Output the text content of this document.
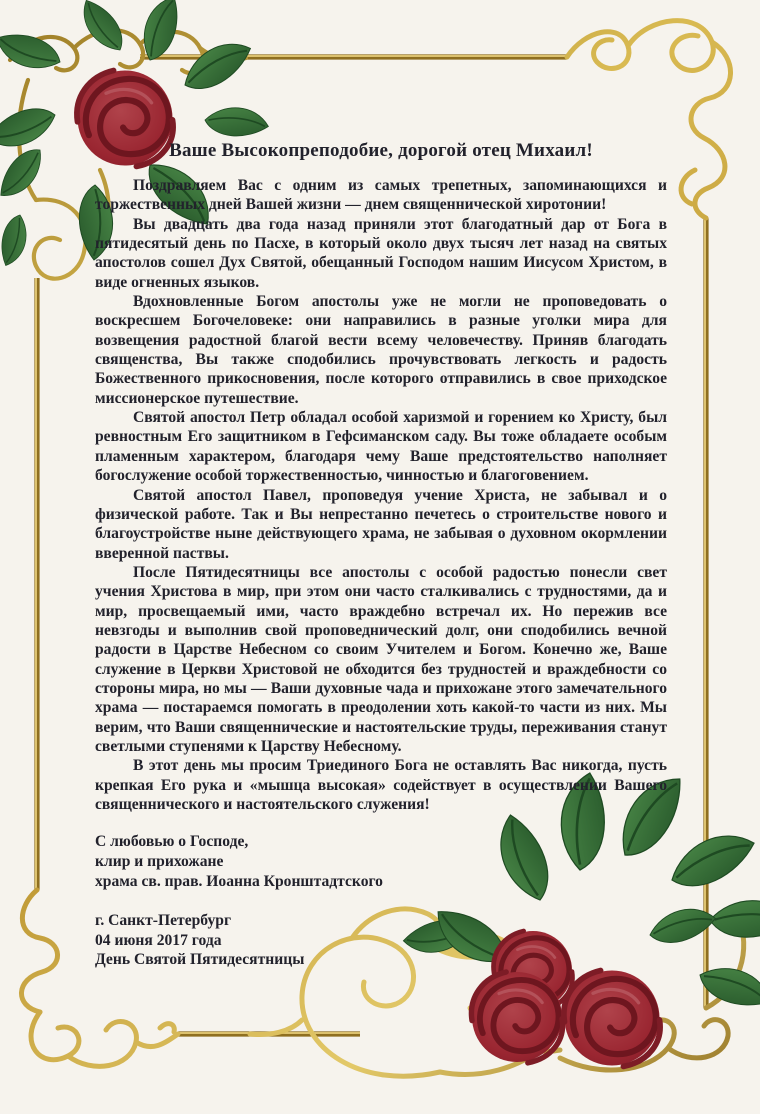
Ваше Высокопреподобие, дорогой отец Михаил!

Поздравляем Вас с одним из самых трепетных, запоминающихся и торжественных дней Вашей жизни — днем священнической хиротонии!

Вы двадцать два года назад приняли этот благодатный дар от Бога в пятидесятый день по Пасхе, в который около двух тысяч лет назад на святых апостолов сошел Дух Святой, обещанный Господом нашим Иисусом Христом, в виде огненных языков.

Вдохновленные Богом апостолы уже не могли не проповедовать о воскресшем Богочеловеке: они направились в разные уголки мира для возвещения радостной благой вести всему человечеству. Приняв благодать священства, Вы также сподобились прочувствовать легкость и радость Божественного прикосновения, после которого отправились в свое приходское миссионерское путешествие.

Святой апостол Петр обладал особой харизмой и горением ко Христу, был ревностным Его защитником в Гефсиманском саду. Вы тоже обладаете особым пламенным характером, благодаря чему Ваше предстоятельство наполняет богослужение особой торжественностью, чинностью и благоговением.

Святой апостол Павел, проповедуя учение Христа, не забывал и о физической работе. Так и Вы непрестанно печетесь о строительстве нового и благоустройстве ныне действующего храма, не забывая о духовном окормлении вверенной паствы.

После Пятидесятницы все апостолы с особой радостью понесли свет учения Христова в мир, при этом они часто сталкивались с трудностями, да и мир, просвещаемый ими, часто враждебно встречал их. Но пережив все невзгоды и выполнив свой проповеднический долг, они сподобились вечной радости в Царстве Небесном со своим Учителем и Богом. Конечно же, Ваше служение в Церкви Христовой не обходится без трудностей и враждебности со стороны мира, но мы — Ваши духовные чада и прихожане этого замечательного храма — постараемся помогать в преодолении хоть какой-то части из них. Мы верим, что Ваши священнические и настоятельские труды, переживания станут светлыми ступенями к Царству Небесному.

В этот день мы просим Триединого Бога не оставлять Вас никогда, пусть крепкая Его рука и «мышца высокая» содействует в осуществлении Вашего священнического и настоятельского служения!

С любовью о Господе,

клир и прихожане

храма св. прав. Иоанна Кронштадтского

г. Санкт-Петербург

04 июня 2017 года

День Святой Пятидесятницы
